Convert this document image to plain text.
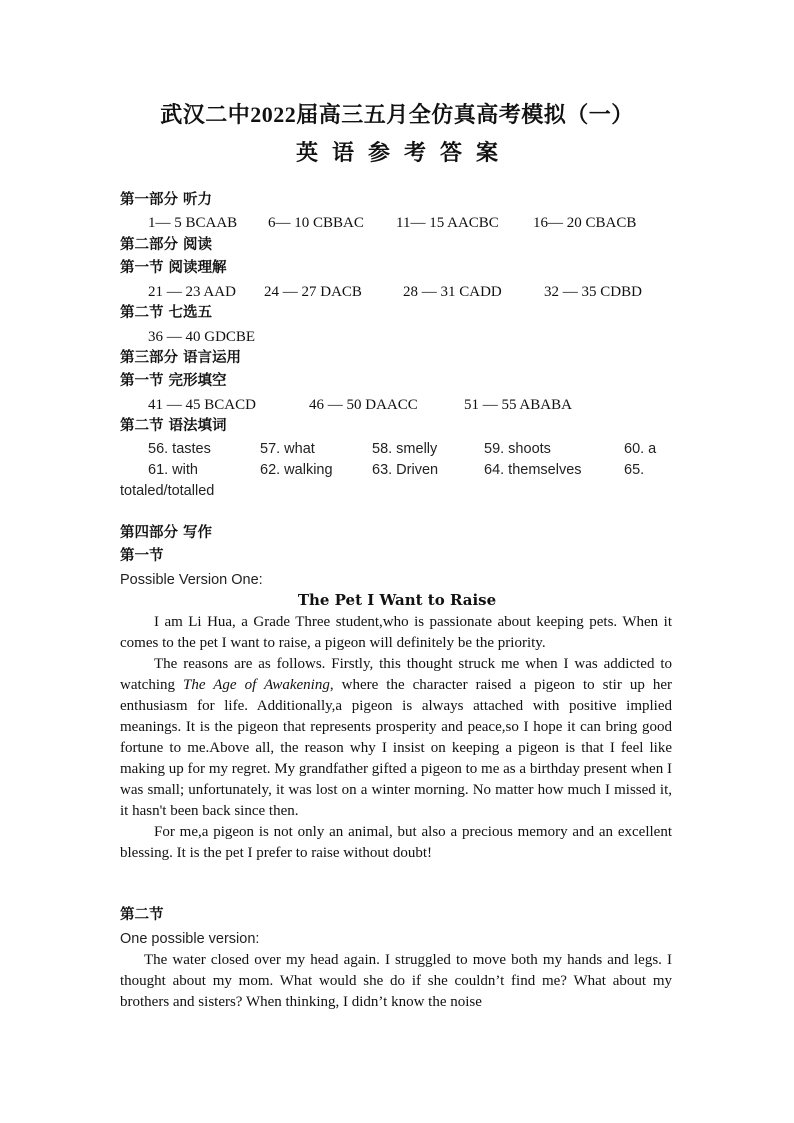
武汉二中2022届高三五月全仿真高考模拟（一）
英语参考答案
第一部分 听力
1— 5 BCAAB 6— 10 CBBAC 11— 15 AACBC 16— 20 CBACB
第二部分 阅读
第一节 阅读理解
21 — 23 AAD 24 — 27 DACB	28 — 31 CADD	32 — 35 CDBD
第二节 七选五
36 — 40 GDCBE
第三部分 语言运用
第一节 完形填空
41 — 45 BCACD	46 — 50 DAACC	51 — 55 ABABA
第二节 语法填词
56. tastes	57. what	58. smelly	59. shoots	60. a
61. with	62. walking	63. Driven	64. themselves	65.
totaled/totalled
第四部分 写作
第一节
Possible Version One:
The Pet I Want to Raise

I am Li Hua, a Grade Three student,who is passionate about keeping pets. When it comes to the pet I want to raise, a pigeon will definitely be the priority.

The reasons are as follows. Firstly, this thought struck me when I was addicted to watching The Age of Awakening, where the character raised a pigeon to stir up her enthusiasm for life. Additionally,a pigeon is always attached with positive implied meanings. It is the pigeon that represents prosperity and peace,so I hope it can bring good fortune to me.Above all, the reason why I insist on keeping a pigeon is that I feel like making up for my regret. My grandfather gifted a pigeon to me as a birthday present when I was small; unfortunately, it was lost on a winter morning. No matter how much I missed it, it hasn't been back since then.

For me,a pigeon is not only an animal, but also a precious memory and an excellent blessing. It is the pet I prefer to raise without doubt!

第二节
One possible version:

The water closed over my head again. I struggled to move both my hands and legs. I thought about my mom. What would she do if she couldn’t find me? What about my brothers and sisters? When thinking, I didn’t know the noise
